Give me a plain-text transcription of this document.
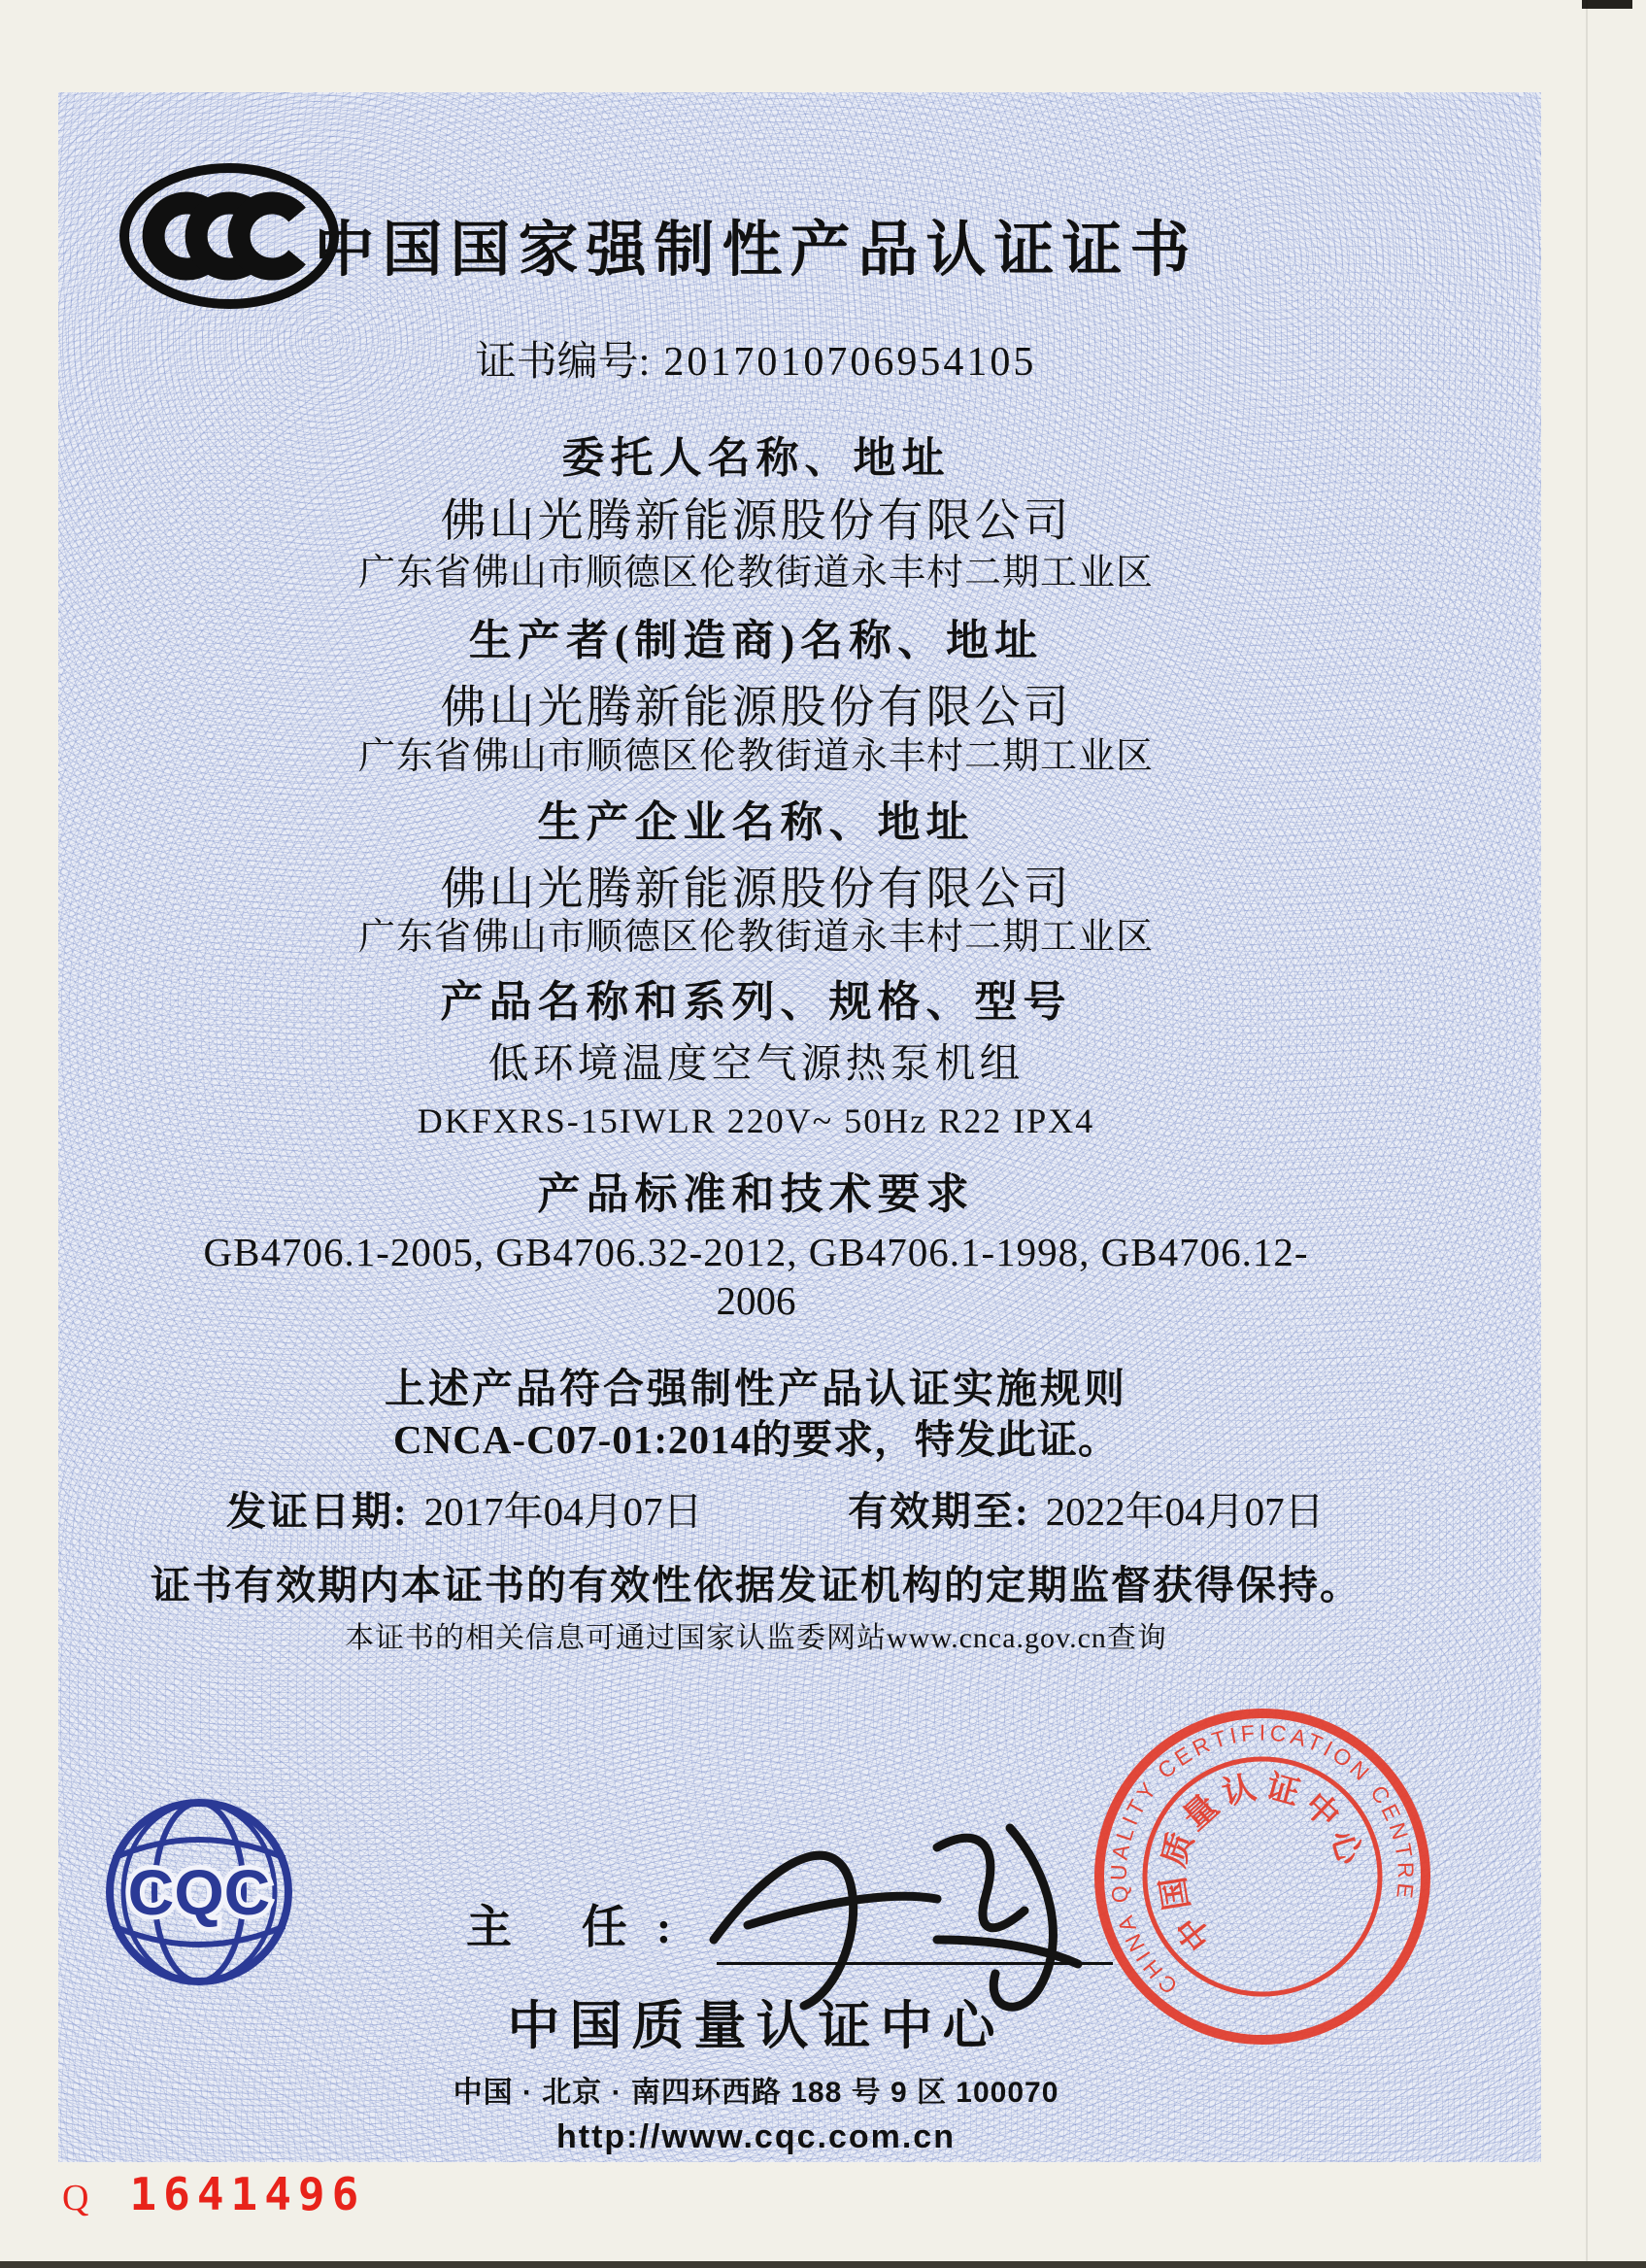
中国国家强制性产品认证证书
证书编号: 2017010706954105
委托人名称、地址
佛山光腾新能源股份有限公司
广东省佛山市顺德区伦教街道永丰村二期工业区
生产者(制造商)名称、地址
佛山光腾新能源股份有限公司
广东省佛山市顺德区伦教街道永丰村二期工业区
生产企业名称、地址
佛山光腾新能源股份有限公司
广东省佛山市顺德区伦教街道永丰村二期工业区
产品名称和系列、规格、型号
低环境温度空气源热泵机组
DKFXRS-15IWLR 220V~ 50Hz R22 IPX4
产品标准和技术要求
GB4706.1-2005, GB4706.32-2012, GB4706.1-1998, GB4706.12-
2006
上述产品符合强制性产品认证实施规则
CNCA-C07-01:2014的要求，特发此证。
发证日期: 2017年04月07日	有效期至: 2022年04月07日
证书有效期内本证书的有效性依据发证机构的定期监督获得保持。
本证书的相关信息可通过国家认监委网站www.cnca.gov.cn查询
CQC	主 任:
中国质量认证中心
中国 · 北京 · 南四环西路 188 号 9 区 100070
http://www.cqc.com.cn
CHINA QUALITY CERTIFICATION CENTRE
中国质量认证中心
Q 1641496
